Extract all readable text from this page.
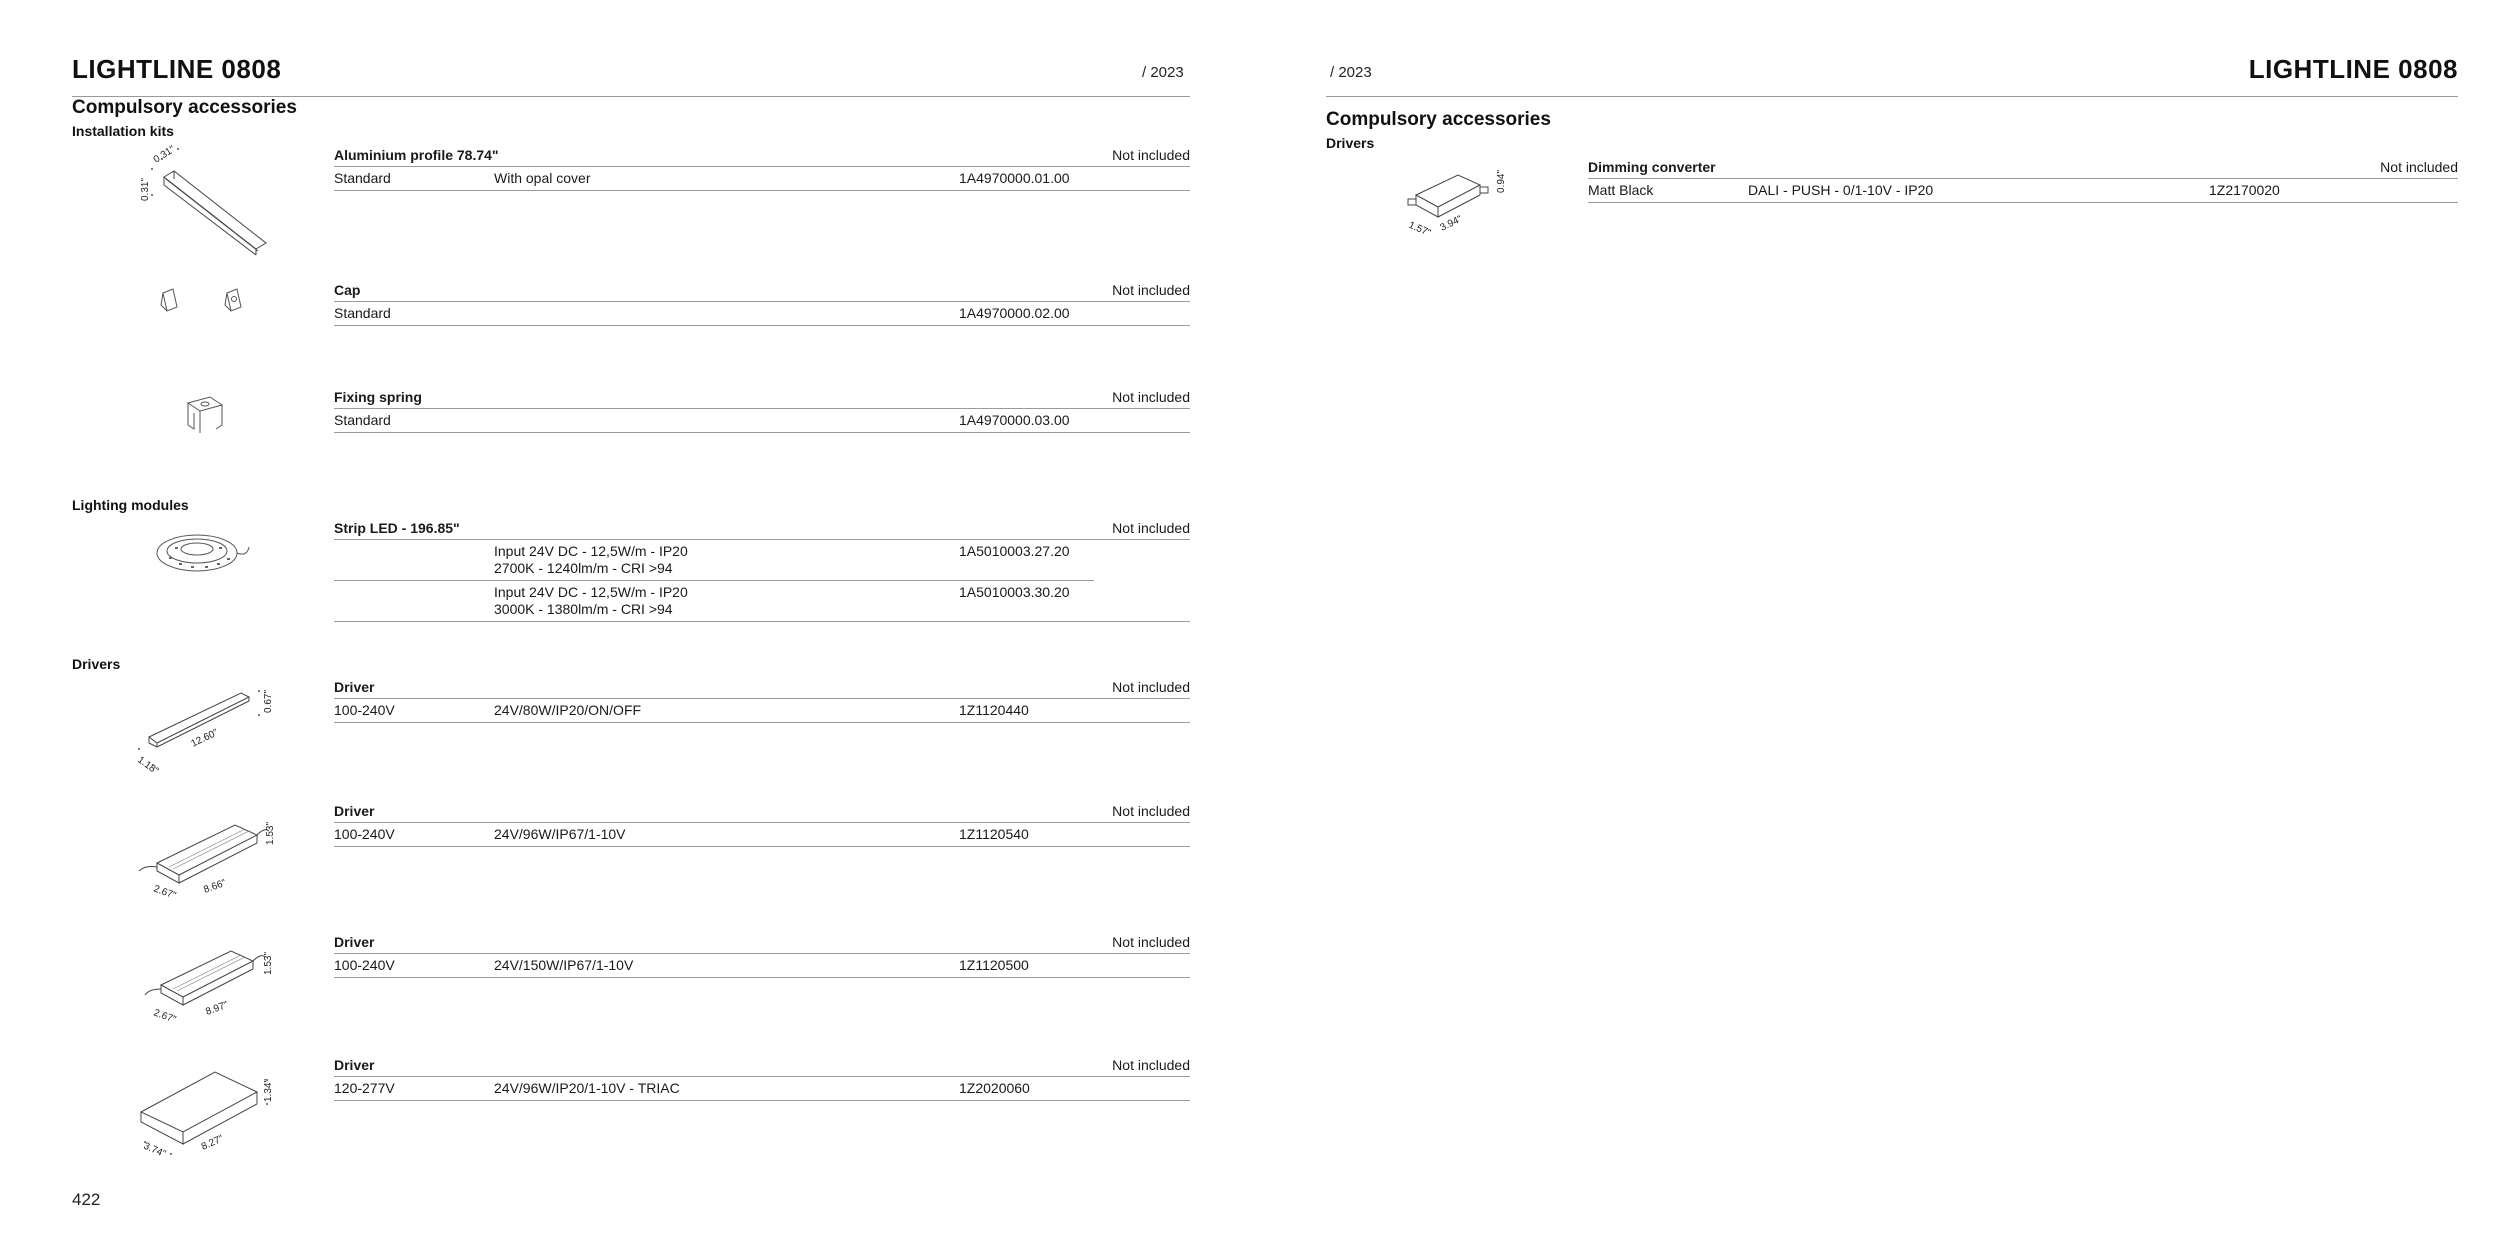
LIGHTLINE 0808	/ 2023
Compulsory accessories
Installation kits
0.31"
0.31"	Aluminium profile 78.74"	Not included
Standard	With opal cover	1A4970000.01.00
Cap	Not included
Standard	1A4970000.02.00
Fixing spring	Not included
Standard	1A4970000.03.00
Lighting modules
Strip LED - 196.85"	Not included
Input 24V DC - 12,5W/m - IP20
2700K - 1240lm/m - CRI >94
1A5010003.27.20
Input 24V DC - 12,5W/m - IP20
3000K - 1380lm/m - CRI >94
1A5010003.30.20
Drivers
0.67"
12.60"
1.18"
Driver	Not included
100-240V	24V/80W/IP20/ON/OFF	1Z1120440
1.53"
8.66"
2.67"
Driver	Not included
100-240V	24V/96W/IP67/1-10V	1Z1120540
1.53"
8.97"
2.67"
Driver	Not included
100-240V	24V/150W/IP67/1-10V	1Z1120500
1.34"
8.27"
3.74"
Driver	Not included
120-277V	24V/96W/IP20/1-10V - TRIAC	1Z2020060
422
/ 2023	LIGHTLINE 0808
Compulsory accessories
Drivers
0.94"
3.94"
1.57"
Dimming converter	Not included
Matt Black	DALI - PUSH - 0/1-10V - IP20	1Z2170020
